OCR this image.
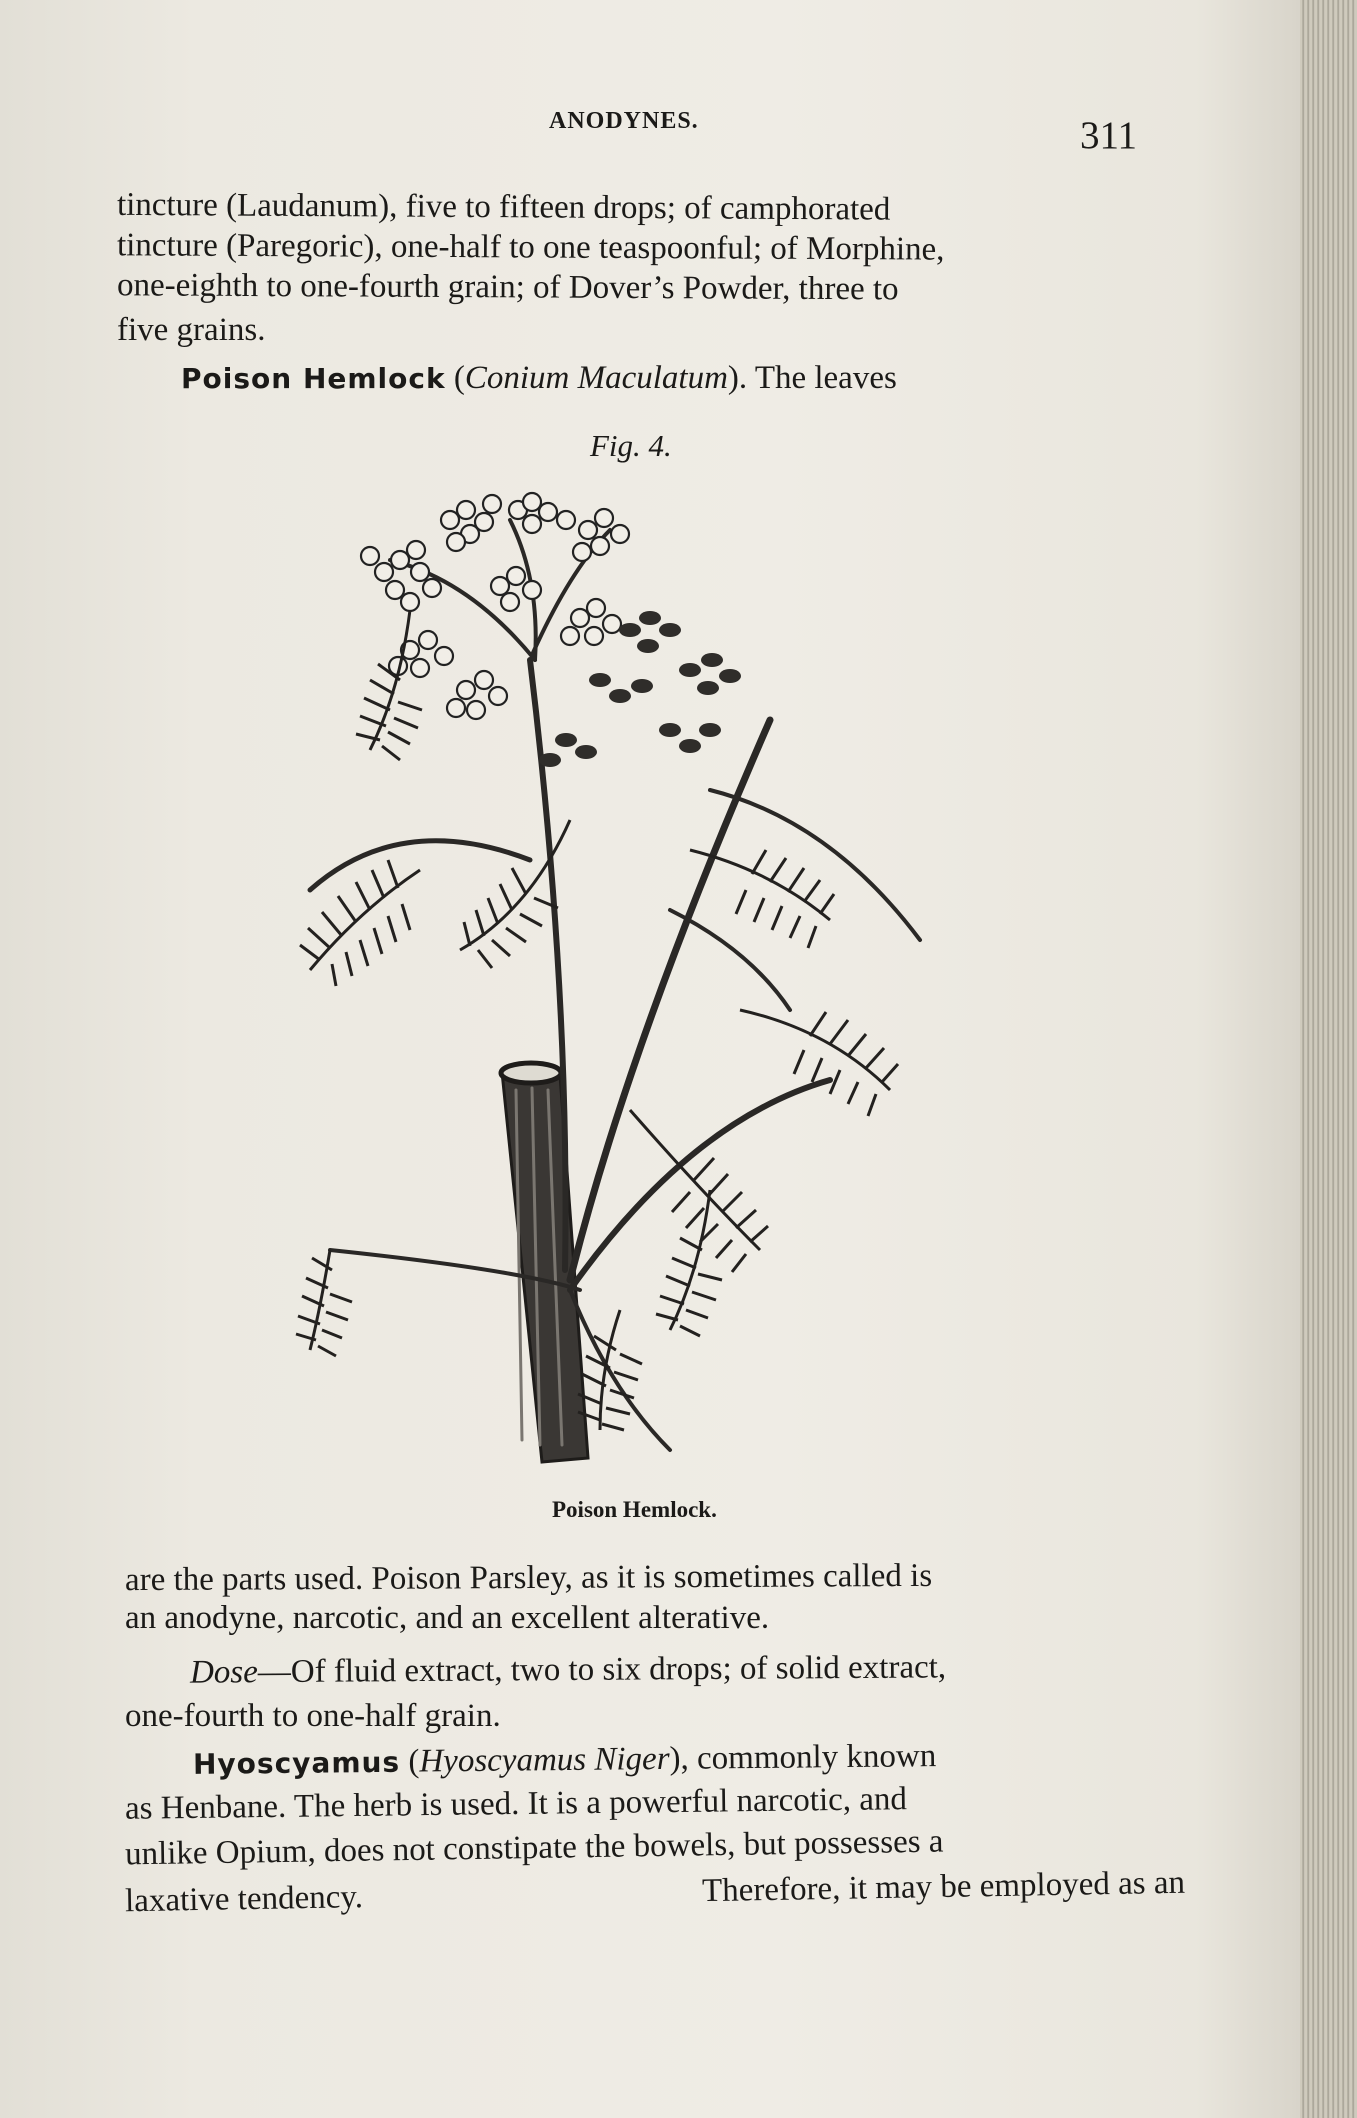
ANODYNES.	311
tincture (Laudanum), five to fifteen drops; of camphorated
tincture (Paregoric), one-half to one teaspoonful; of Morphine,
one-eighth to one-fourth grain; of Dover’s Powder, three to
five grains.
Poison Hemlock (Conium Maculatum). The leaves
Fig. 4.
Poison Hemlock.
are the parts used. Poison Parsley, as it is sometimes called is
an anodyne, narcotic, and an excellent alterative.
Dose—Of fluid extract, two to six drops; of solid extract,
one-fourth to one-half grain.
Hyoscyamus (Hyoscyamus Niger), commonly known
as Henbane. The herb is used. It is a powerful narcotic, and
unlike Opium, does not constipate the bowels, but possesses a
laxative tendency.	Therefore, it may be employed as an
